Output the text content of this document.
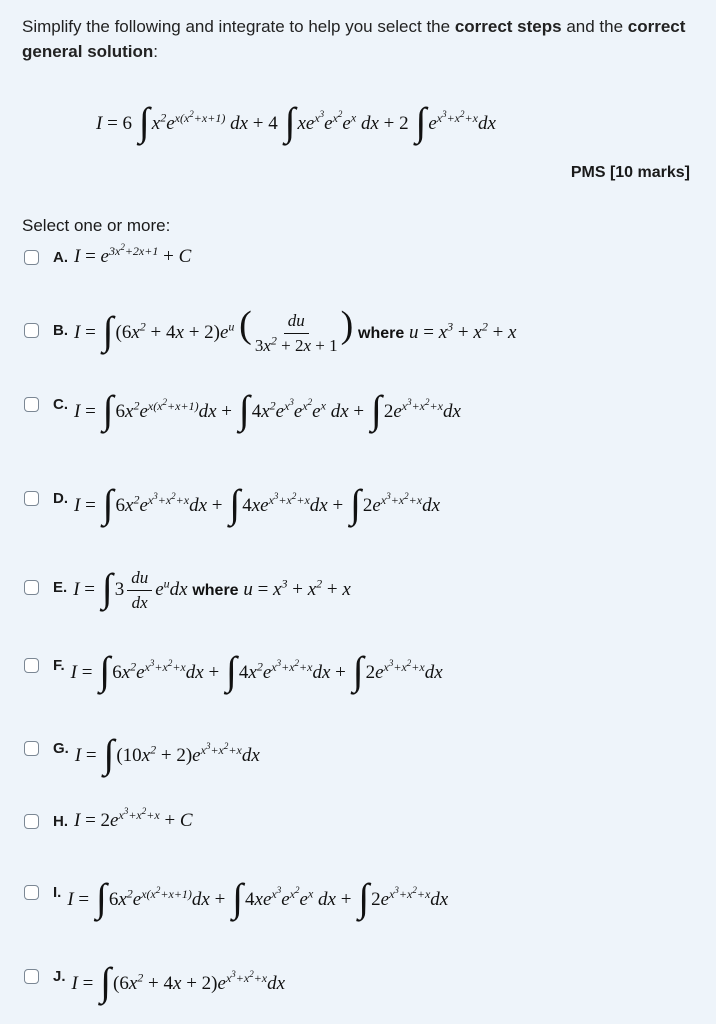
Simplify the following and integrate to help you select the correct steps and the correct general solution:
I = 6 ∫ $x^2e^{x(x^2+x+1)}$ dx + 4 ∫ $xe^{x^3}e^{x^2}e^x$ dx + 2 ∫ $e^{x^3+x^2+x}dx$
PMS [10 marks]
Select one or more:
A. $I = e^{3x^2+2x+1} + C$
B. I = ∫ $(6x^2 + 4x + 2)e^u$ ( $\frac{du}{3x^2 + 2x + 1}$ ) where $u = x^3 + x^2 + x$
C. I = ∫ $6x^2e^{x(x^2+x+1)}dx$ + ∫ $4x^2e^{x^3}e^{x^2}e^x$ dx + ∫ $2e^{x^3+x^2+x}dx$
D. I = ∫ $6x^2e^{x^3+x^2+x}dx$ + ∫ $4xe^{x^3+x^2+x}dx$ + ∫ $2e^{x^3+x^2+x}dx$
E. I = ∫ $3 \frac{du}{dx} e^udx$ where $u = x^3 + x^2 + x$
F. I = ∫ $6x^2e^{x^3+x^2+x}dx$ + ∫ $4x^2e^{x^3+x^2+x}dx$ + ∫ $2e^{x^3+x^2+x}dx$
G. I = ∫ $(10x^2 + 2)e^{x^3+x^2+x}dx$
H. $I = 2e^{x^3+x^2+x} + C$
I. I = ∫ $6x^2e^{x(x^2+x+1)}dx$ + ∫ $4xe^{x^3}e^{x^2}e^x$ dx + ∫ $2e^{x^3+x^2+x}dx$
J. I = ∫ $(6x^2 + 4x + 2)e^{x^3+x^2+x}dx$
